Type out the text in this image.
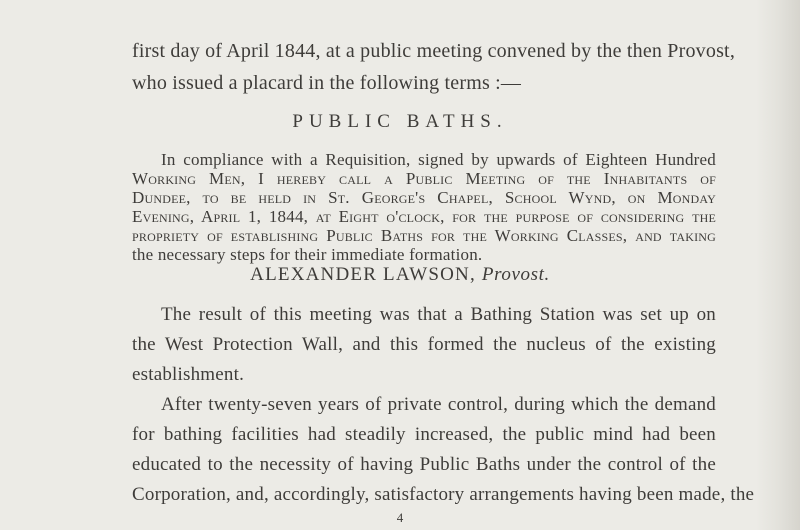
first day of April 1844, at a public meeting convened by the then Provost,
who issued a placard in the following terms :—
PUBLIC BATHS.
In compliance with a Requisition, signed by upwards of Eighteen Hundred
Working Men, I hereby call a Public Meeting of the Inhabitants of
Dundee, to be held in St. George's Chapel, School Wynd, on Monday
Evening, April 1, 1844, at Eight o'clock, for the purpose of considering the
propriety of establishing Public Baths for the Working Classes, and taking
the necessary steps for their immediate formation.
ALEXANDER LAWSON, Provost.
The result of this meeting was that a Bathing Station was set up on
the West Protection Wall, and this formed the nucleus of the existing
establishment.
4
After twenty-seven years of private control, during which the demand
for bathing facilities had steadily increased, the public mind had been
educated to the necessity of having Public Baths under the control of the
Corporation, and, accordingly, satisfactory arrangements having been made, the
